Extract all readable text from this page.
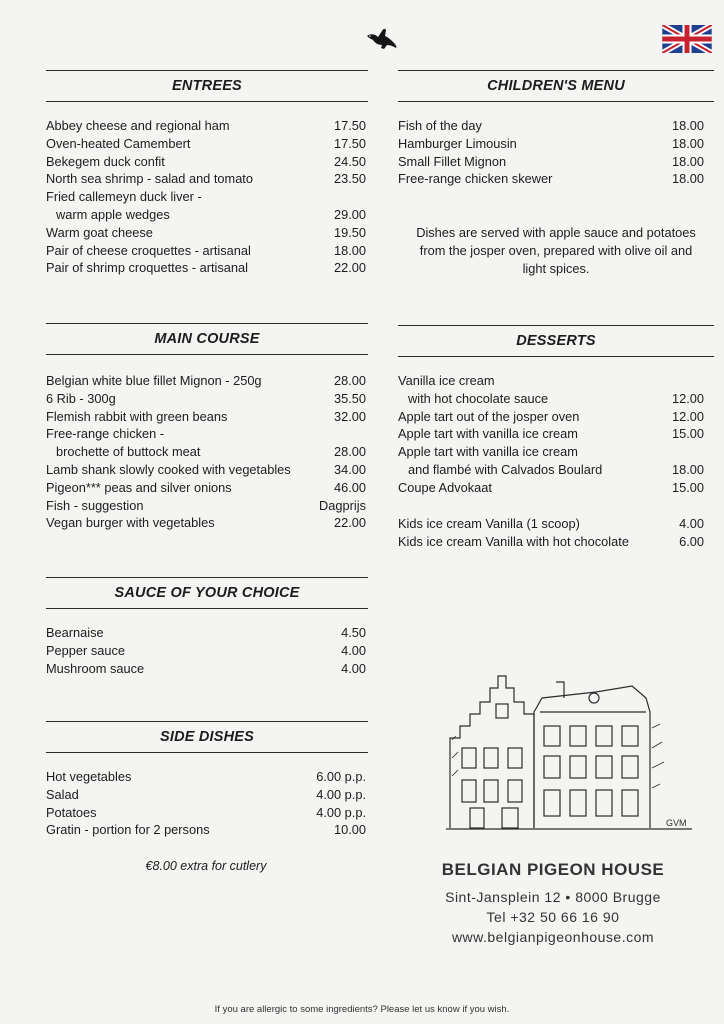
ENTREES
Abbey cheese and regional ham	17.50
Oven-heated Camembert	17.50
Bekegem duck confit	24.50
North sea shrimp - salad and tomato	23.50
Fried callemeyn duck liver -
warm apple wedges	29.00
Warm goat cheese	19.50
Pair of cheese croquettes - artisanal	18.00
Pair of shrimp croquettes - artisanal	22.00
MAIN COURSE
Belgian white blue fillet Mignon - 250g	28.00
6 Rib - 300g	35.50
Flemish rabbit with green beans	32.00
Free-range chicken -
brochette of buttock meat	28.00
Lamb shank slowly cooked with vegetables	34.00
Pigeon*** peas and silver onions	46.00
Fish - suggestion	Dagprijs
Vegan burger with vegetables	22.00
SAUCE OF YOUR CHOICE
Bearnaise	4.50
Pepper sauce	4.00
Mushroom sauce	4.00
SIDE DISHES
Hot vegetables	6.00 p.p.
Salad	4.00 p.p.
Potatoes	4.00 p.p.
Gratin - portion for 2 persons	10.00
€8.00 extra for cutlery
CHILDREN'S MENU
Fish of the day	18.00
Hamburger Limousin	18.00
Small Fillet Mignon	18.00
Free-range chicken skewer	18.00
Dishes are served with apple sauce and potatoes
from the josper oven, prepared with olive oil and
light spices.
DESSERTS
Vanilla ice cream
with hot chocolate sauce	12.00
Apple tart out of the josper oven	12.00
Apple tart with vanilla ice cream	15.00
Apple tart with vanilla ice cream
and flambé with Calvados Boulard	18.00
Coupe Advokaat	15.00
Kids ice cream Vanilla (1 scoop)	4.00
Kids ice cream Vanilla with hot chocolate	6.00
GVM
BELGIAN PIGEON HOUSE
Sint-Jansplein 12 • 8000 Brugge
Tel +32 50 66 16 90
www.belgianpigeonhouse.com
If you are allergic to some ingredients? Please let us know if you wish.
